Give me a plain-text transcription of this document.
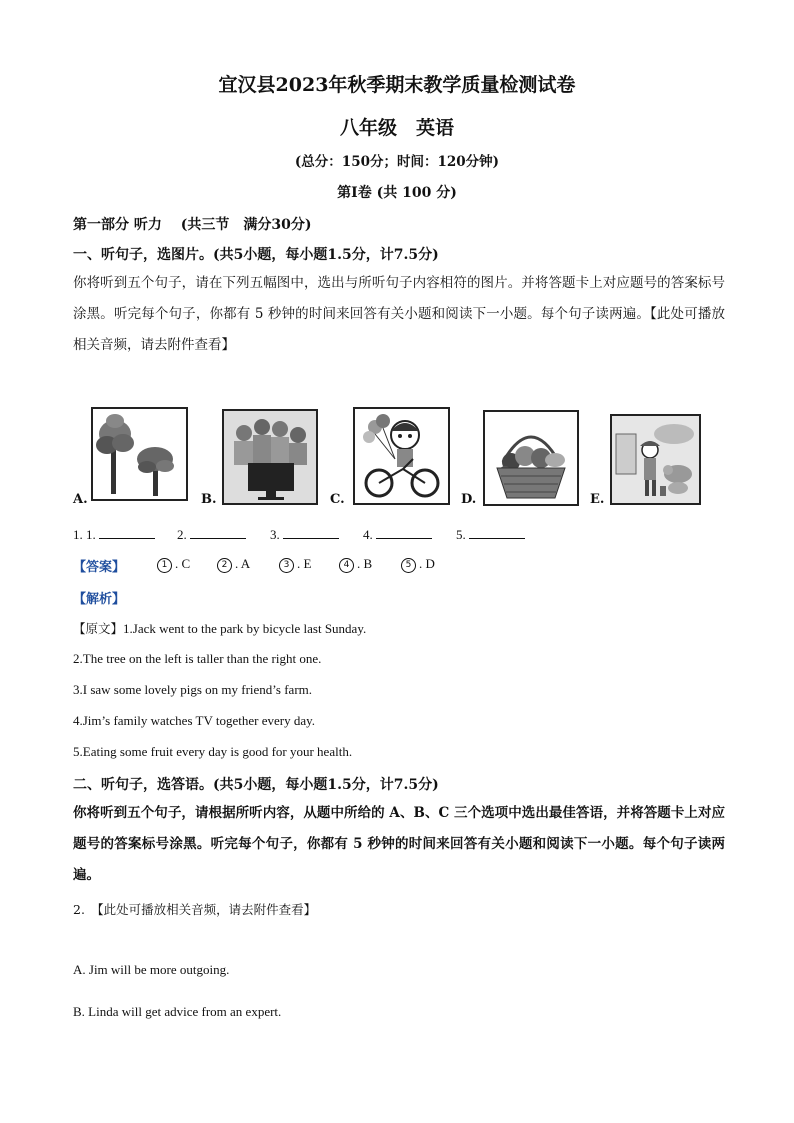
宜汉县2023年秋季期末教学质量检测试卷
八年级　英语
(总分：150分；时间：120分钟)
第Ⅰ卷 (共 100 分)
第一部分 听力　 (共三节　满分30分)
一、听句子，选图片。(共5小题，每小题1.5分，计7.5分)
你将听到五个句子，请在下列五幅图中，选出与所听句子内容相符的图片。并将答题卡上对应题号的答案标号涂黑。听完每个句子，你都有 5 秒钟的时间来回答有关小题和阅读下一小题。每个句子读两遍。【此处可播放相关音频，请去附件查看】
A.	B.	C.	D.	E.
1. 1.	2.	3.	4.	5.
【答案】	1 . C	2 . A	3 . E	4 . B	5 . D
【解析】
【原文】1.Jack went to the park by bicycle last Sunday.
2.The tree on the left is taller than the right one.
3.I saw some lovely pigs on my friend’s farm.
4.Jim’s family watches TV together every day.
5.Eating some fruit every day is good for your health.
二、听句子，选答语。(共5小题，每小题1.5分，计7.5分)
你将听到五个句子，请根据所听内容，从题中所给的 A、B、C 三个选项中选出最佳答语，并将答题卡上对应题号的答案标号涂黑。听完每个句子，你都有 5 秒钟的时间来回答有关小题和阅读下一小题。每个句子读两遍。
2.　【此处可播放相关音频，请去附件查看】
A. Jim will be more outgoing.
B. Linda will get advice from an expert.
